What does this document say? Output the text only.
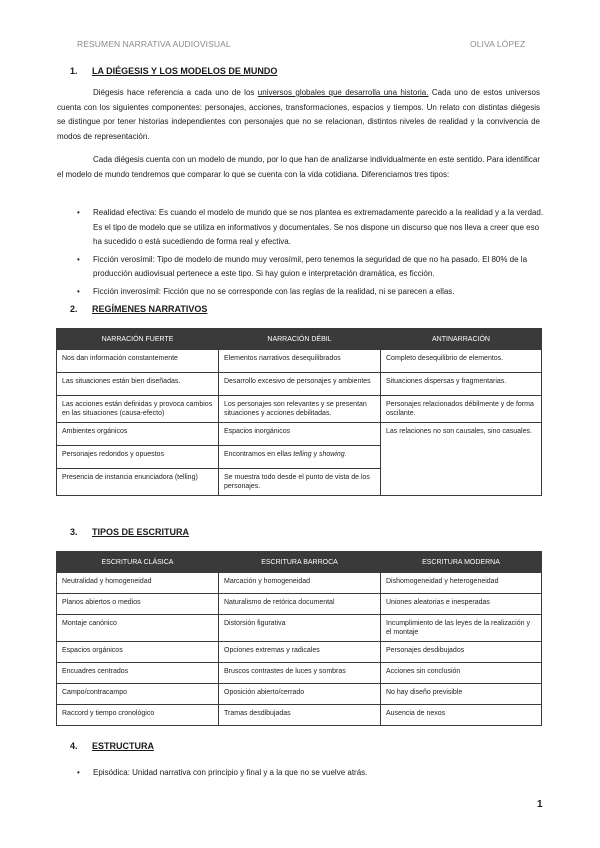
RESUMEN NARRATIVA AUDIOVISUAL	OLIVA LÓPEZ
1. LA DIÉGESIS Y LOS MODELOS DE MUNDO

Diégesis hace referencia a cada uno de los universos globales que desarrolla una historia. Cada uno de estos universos cuenta con los siguientes componentes: personajes, acciones, transformaciones, espacios y tiempos. Un relato con distintas diégesis se distingue por tener historias independientes con personajes que no se relacionan, distintos niveles de realidad y la convivencia de modos de representación.

Cada diégesis cuenta con un modelo de mundo, por lo que han de analizarse individualmente en este sentido. Para identificar el modelo de mundo tendremos que comparar lo que se cuenta con la vida cotidiana. Diferenciamos tres tipos:

• Realidad efectiva: Es cuando el modelo de mundo que se nos plantea es extremadamente parecido a la realidad y a la verdad. Es el tipo de modelo que se utiliza en informativos y documentales. Se nos dispone un discurso que nos lleva a creer que eso ha sucedido o está sucediendo de forma real y efectiva.
• Ficción verosímil: Tipo de modelo de mundo muy verosímil, pero tenemos la seguridad de que no ha pasado. El 80% de la producción audiovisual pertenece a este tipo. Si hay guion e interpretación dramática, es ficción.
• Ficción inverosímil: Ficción que no se corresponde con las reglas de la realidad, ni se parecen a ellas.
2. REGÍMENES NARRATIVOS
NARRACIÓN FUERTE	NARRACIÓN DÉBIL	ANTINARRACIÓN
Nos dan información constantemente	Elementos narrativos desequilibrados	Completo desequilibrio de elementos.
Las situaciones están bien diseñadas.	Desarrollo excesivo de personajes y ambientes	Situaciones dispersas y fragmentarias.
Las acciones están definidas y provoca cambios en las situaciones (causa-efecto)	Los personajes son relevantes y se presentan situaciones y acciones debilitadas.	Personajes relacionados débilmente y de forma oscilante.
Ambientes orgánicos	Espacios inorgánicos	Las relaciones no son causales, sino casuales.
Personajes redondos y opuestos	Encontramos en ellas telling y showing.	
Presencia de instancia enunciadora (telling)	Se muestra todo desde el punto de vista de los personajes.	
3. TIPOS DE ESCRITURA
ESCRITURA CLÁSICA	ESCRITURA BARROCA	ESCRITURA MODERNA
Neutralidad y homogeneidad	Marcación y homogeneidad	Dishomogeneidad y heterogeneidad
Planos abiertos o medios	Naturalismo de retórica documental	Uniones aleatorias e inesperadas
Montaje canónico	Distorsión figurativa	Incumplimiento de las leyes de la realización y el montaje
Espacios orgánicos	Opciones extremas y radicales	Personajes desdibujados
Encuadres centrados	Bruscos contrastes de luces y sombras	Acciones sin conclusión
Campo/contracampo	Oposición abierto/cerrado	No hay diseño previsible
Raccord y tiempo cronológico	Tramas desdibujadas	Ausencia de nexos
4. ESTRUCTURA
• Episódica: Unidad narrativa con principio y final y a la que no se vuelve atrás.
1
